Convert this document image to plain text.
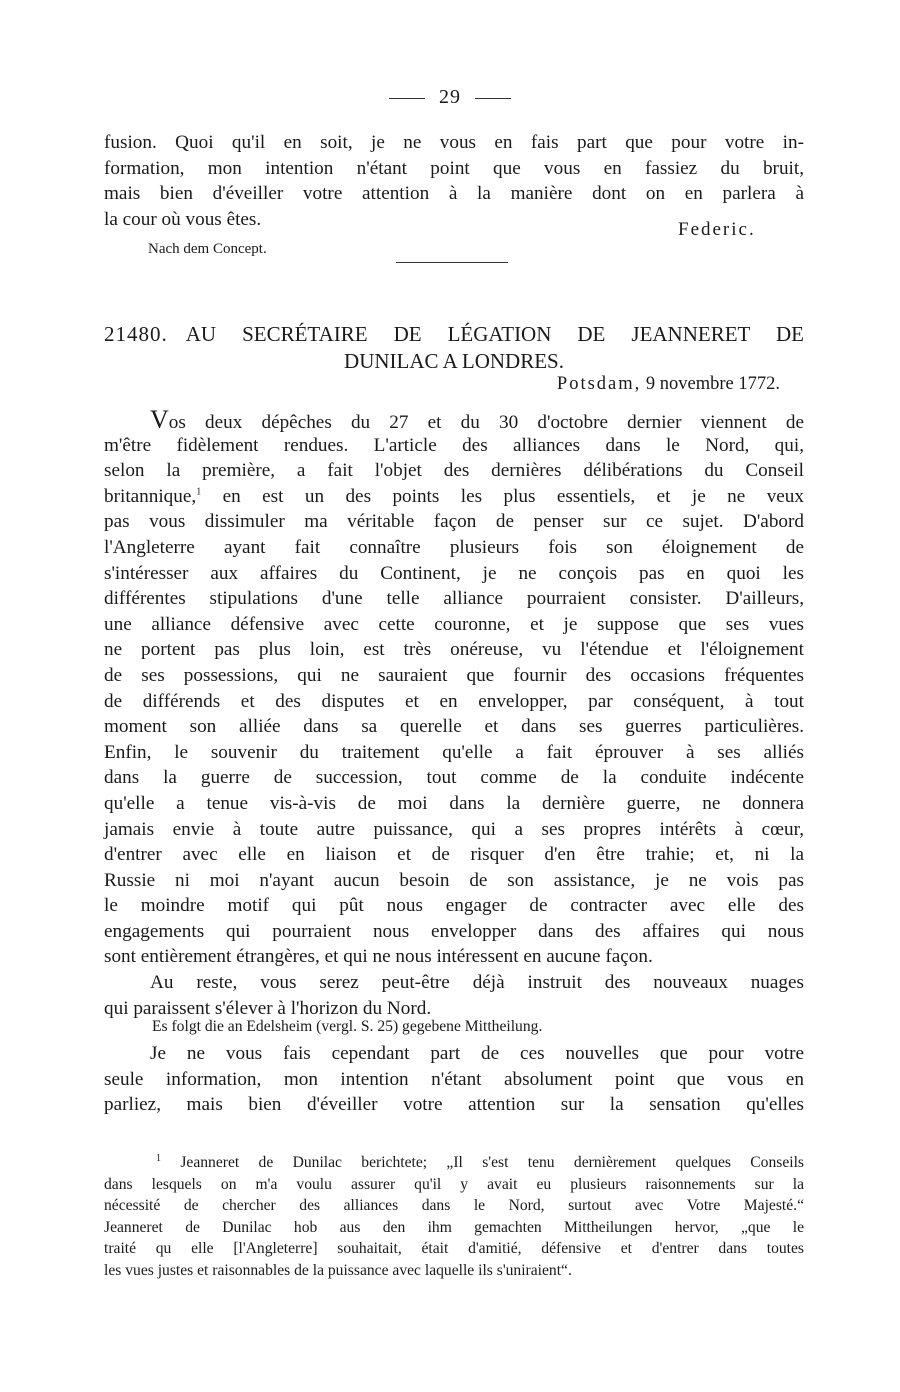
29
fusion. Quoi qu'il en soit, je ne vous en fais part que pour votre in-
formation, mon intention n'étant point que vous en fassiez du bruit,
mais bien d'éveiller votre attention à la manière dont on en parlera à
la cour où vous êtes.	Federic.
Nach dem Concept.
21480. AU SECRÉTAIRE DE LÉGATION DE JEANNERET DE
DUNILAC A LONDRES.
Potsdam, 9 novembre 1772.
Vos deux dépêches du 27 et du 30 d'octobre dernier viennent de
m'être fidèlement rendues. L'article des alliances dans le Nord, qui,
selon la première, a fait l'objet des dernières délibérations du Conseil
britannique,$^1$ en est un des points les plus essentiels, et je ne veux
pas vous dissimuler ma véritable façon de penser sur ce sujet. D'abord
l'Angleterre ayant fait connaître plusieurs fois son éloignement de
s'intéresser aux affaires du Continent, je ne conçois pas en quoi les
différentes stipulations d'une telle alliance pourraient consister. D'ailleurs,
une alliance défensive avec cette couronne, et je suppose que ses vues
ne portent pas plus loin, est très onéreuse, vu l'étendue et l'éloignement
de ses possessions, qui ne sauraient que fournir des occasions fréquentes
de différends et des disputes et en envelopper, par conséquent, à tout
moment son alliée dans sa querelle et dans ses guerres particulières.
Enfin, le souvenir du traitement qu'elle a fait éprouver à ses alliés
dans la guerre de succession, tout comme de la conduite indécente
qu'elle a tenue vis-à-vis de moi dans la dernière guerre, ne donnera
jamais envie à toute autre puissance, qui a ses propres intérêts à cœur,
d'entrer avec elle en liaison et de risquer d'en être trahie; et, ni la
Russie ni moi n'ayant aucun besoin de son assistance, je ne vois pas
le moindre motif qui pût nous engager de contracter avec elle des
engagements qui pourraient nous envelopper dans des affaires qui nous
sont entièrement étrangères, et qui ne nous intéressent en aucune façon.
Au reste, vous serez peut-être déjà instruit des nouveaux nuages
qui paraissent s'élever à l'horizon du Nord.
Es folgt die an Edelsheim (vergl. S. 25) gegebene Mittheilung.
Je ne vous fais cependant part de ces nouvelles que pour votre
seule information, mon intention n'étant absolument point que vous en
parliez, mais bien d'éveiller votre attention sur la sensation qu'elles
$^1$ Jeanneret de Dunilac berichtete; „Il s'est tenu dernièrement quelques Conseils
dans lesquels on m'a voulu assurer qu'il y avait eu plusieurs raisonnements sur la
nécessité de chercher des alliances dans le Nord, surtout avec Votre Majesté.“
Jeanneret de Dunilac hob aus den ihm gemachten Mittheilungen hervor, „que le
traité qu elle [l'Angleterre] souhaitait, était d'amitié, défensive et d'entrer dans toutes
les vues justes et raisonnables de la puissance avec laquelle ils s'uniraient“.
